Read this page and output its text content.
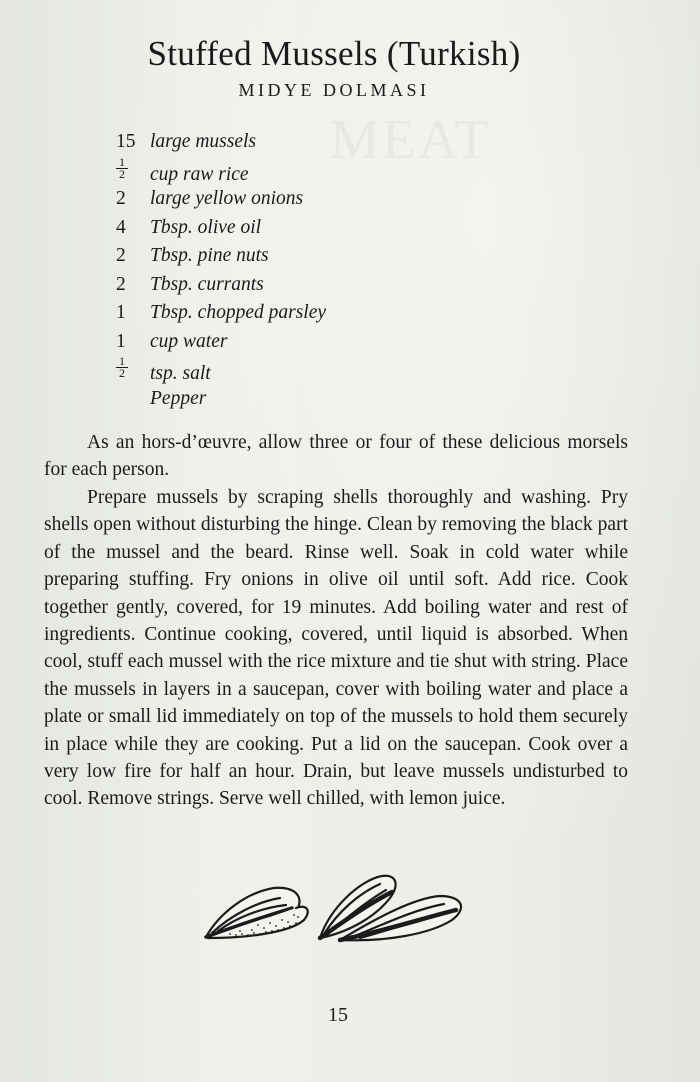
MEAT
Stuffed Mussels (Turkish)
MIDYE DOLMASI
15 large mussels
$\frac{1}{2}$ cup raw rice
2 large yellow onions
4 Tbsp. olive oil
2 Tbsp. pine nuts
2 Tbsp. currants
1 Tbsp. chopped parsley
1 cup water
$\frac{1}{2}$ tsp. salt
Pepper

As an hors-d’œuvre, allow three or four of these delicious morsels for each person.

Prepare mussels by scraping shells thoroughly and washing. Pry shells open without disturbing the hinge. Clean by removing the black part of the mussel and the beard. Rinse well. Soak in cold water while preparing stuffing. Fry onions in olive oil until soft. Add rice. Cook together gently, covered, for 19 minutes. Add boiling water and rest of ingredients. Continue cooking, covered, until liquid is absorbed. When cool, stuff each mussel with the rice mixture and tie shut with string. Place the mussels in layers in a saucepan, cover with boiling water and place a plate or small lid immediately on top of the mussels to hold them securely in place while they are cooking. Put a lid on the saucepan. Cook over a very low fire for half an hour. Drain, but leave mussels undisturbed to cool. Remove strings. Serve well chilled, with lemon juice.

15
